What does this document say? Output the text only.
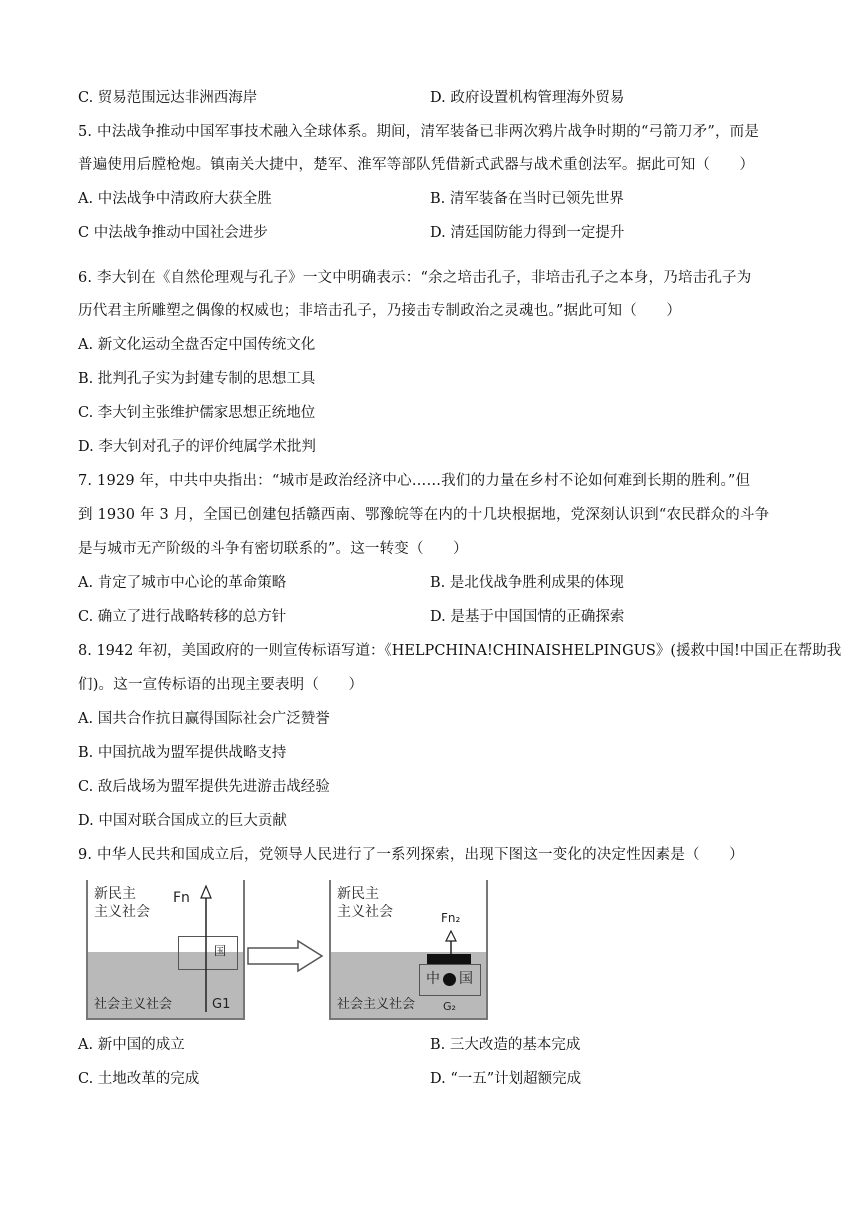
C. 贸易范围远达非洲西海岸	D. 政府设置机构管理海外贸易
5. 中法战争推动中国军事技术融入全球体系。期间，清军装备已非两次鸦片战争时期的“弓箭刀矛”，而是
普遍使用后膛枪炮。镇南关大捷中，楚军、淮军等部队凭借新式武器与战术重创法军。据此可知（　　）
A. 中法战争中清政府大获全胜	B. 清军装备在当时已领先世界
C 中法战争推动中国社会进步	D. 清廷国防能力得到一定提升
6. 李大钊在《自然伦理观与孔子》一文中明确表示：“余之培击孔子，非培击孔子之本身，乃培击孔子为
历代君主所雕塑之偶像的权威也；非培击孔子，乃接击专制政治之灵魂也。”据此可知（　　）
A. 新文化运动全盘否定中国传统文化
B. 批判孔子实为封建专制的思想工具
C. 李大钊主张维护儒家思想正统地位
D. 李大钊对孔子的评价纯属学术批判
7. 1929 年，中共中央指出：“城市是政治经济中心……我们的力量在乡村不论如何难到长期的胜利。”但
到 1930 年 3 月，全国已创建包括赣西南、鄂豫皖等在内的十几块根据地，党深刻认识到“农民群众的斗争
是与城市无产阶级的斗争有密切联系的”。这一转变（　　）
A. 肯定了城市中心论的革命策略	B. 是北伐战争胜利成果的体现
C. 确立了进行战略转移的总方针	D. 是基于中国国情的正确探索
8. 1942 年初，美国政府的一则宣传标语写道：《HELPCHINA!CHINAISHELPINGUS》(援救中国!中国正在帮助我
们)。这一宣传标语的出现主要表明（　　）
A. 国共合作抗日赢得国际社会广泛赞誉
B. 中国抗战为盟军提供战略支持
C. 敌后战场为盟军提供先进游击战经验
D. 中国对联合国成立的巨大贡献
9. 中华人民共和国成立后，党领导人民进行了一系列探索，出现下图这一变化的决定性因素是（　　）
新民主
主义社会
Fn
社会主义社会	G1
国
新民主
主义社会	Fn₂
社会主义社会	G₂
中 国
A. 新中国的成立	B. 三大改造的基本完成
C. 土地改革的完成	D. “一五”计划超额完成
